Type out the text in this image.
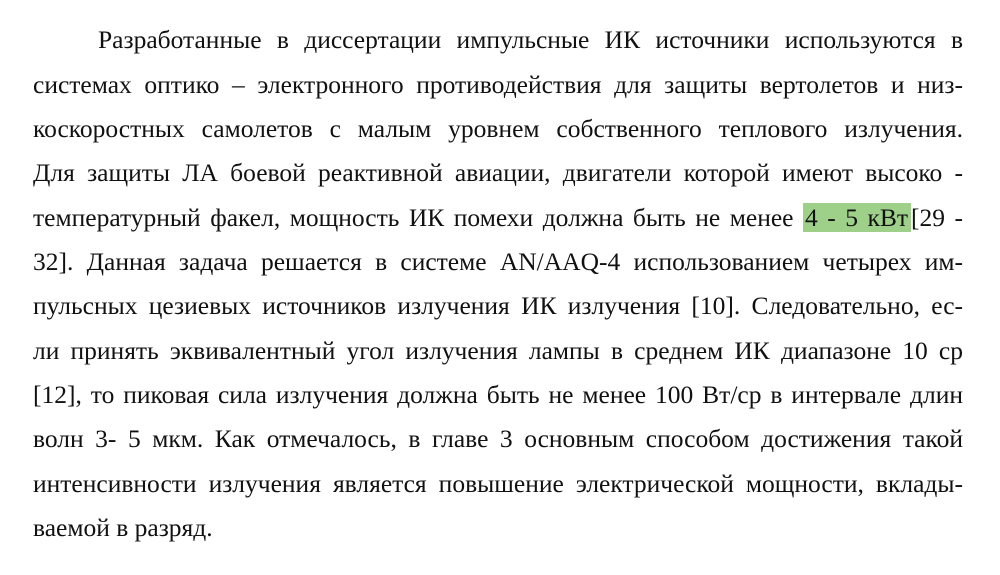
Разработанные в диссертации импульсные ИК источники используются в
системах оптико – электронного противодействия для защиты вертолетов и низ-
коскоростных самолетов с малым уровнем собственного теплового излучения.
Для защиты ЛА боевой реактивной авиации, двигатели которой имеют высоко -
температурный факел, мощность ИК помехи должна быть не менее 4 - 5 кВт [29 -
32]. Данная задача решается в системе AN/AAQ-4 использованием четырех им-
пульсных цезиевых источников излучения ИК излучения [10]. Следовательно, ес-
ли принять эквивалентный угол излучения лампы в среднем ИК диапазоне 10 ср
[12], то пиковая сила излучения должна быть не менее 100 Вт/ср в интервале длин
волн 3- 5 мкм. Как отмечалось, в главе 3 основным способом достижения такой
интенсивности излучения является повышение электрической мощности, вклады-
ваемой в разряд.
